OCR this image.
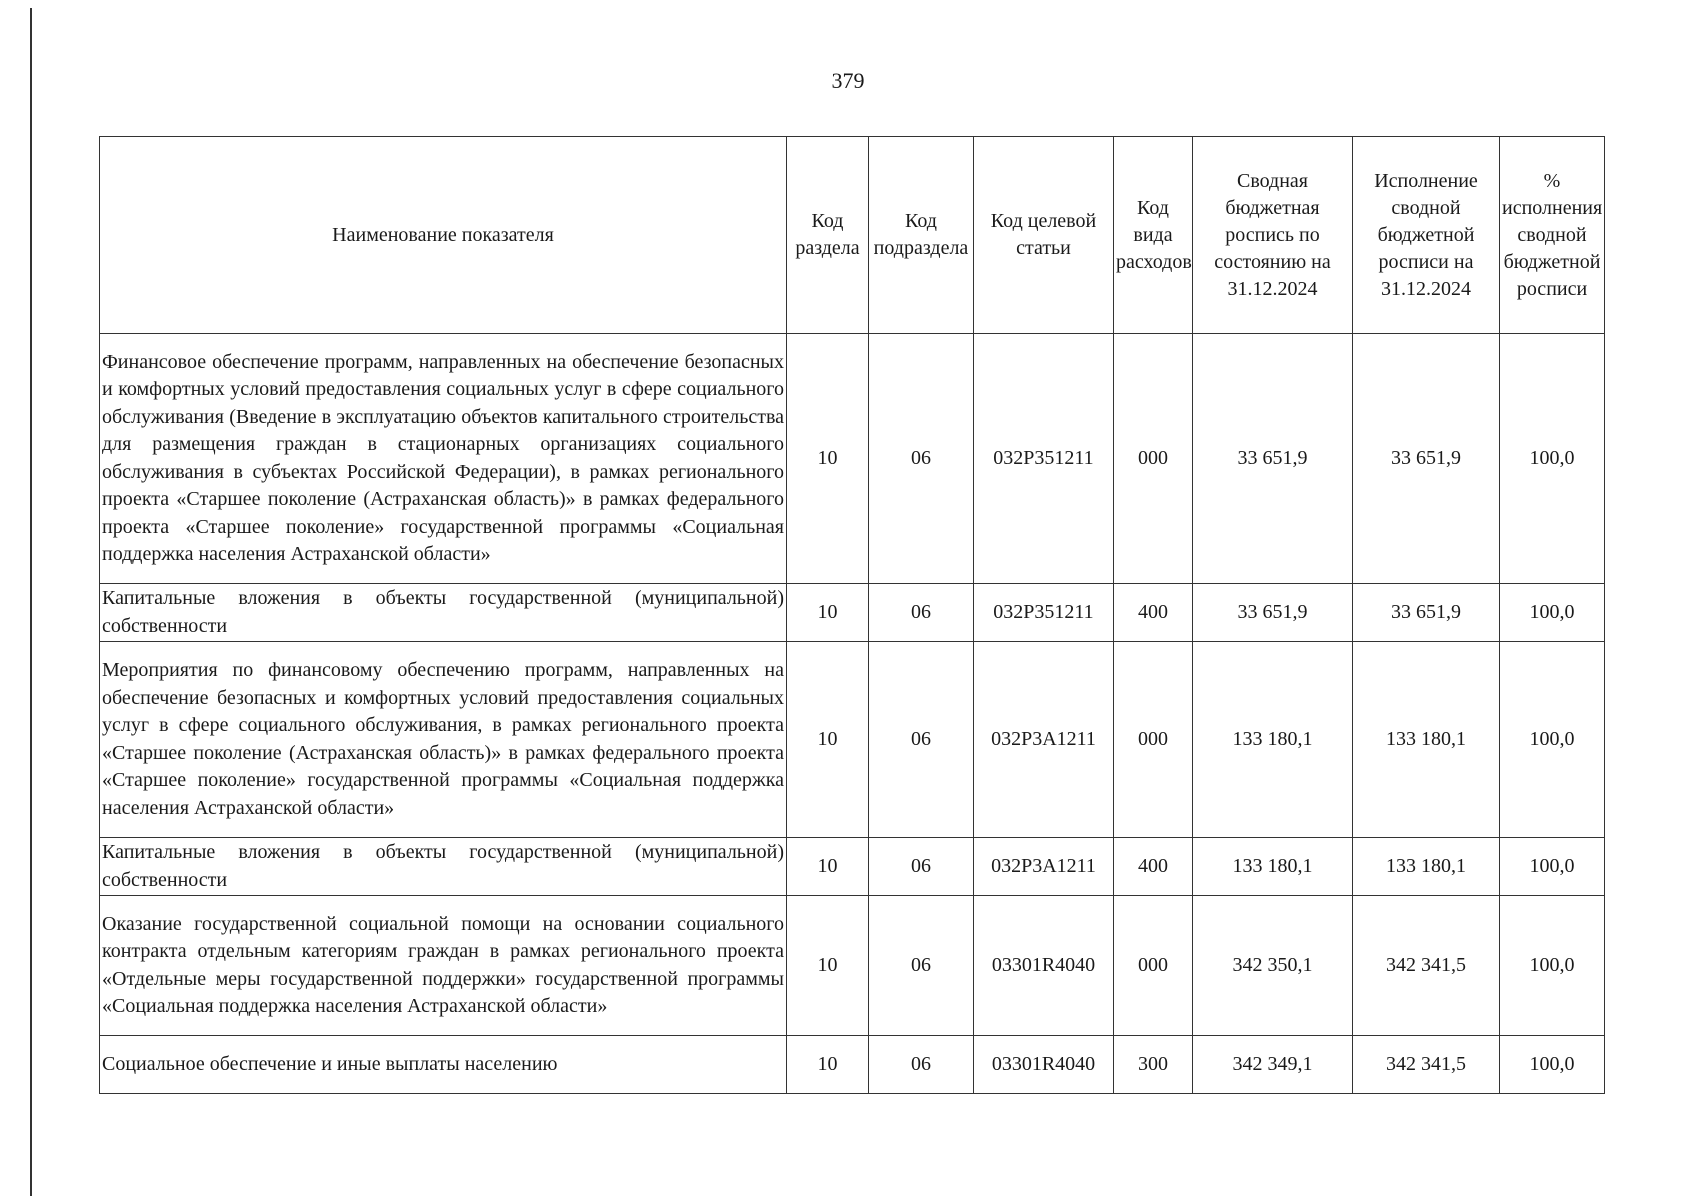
379
Наименование показателя	Код раздела	Код подраздела	Код целевой статьи	Код вида расходов	Сводная бюджетная роспись по состоянию на 31.12.2024	Исполнение сводной бюджетной росписи на 31.12.2024	% исполнения сводной бюджетной росписи
Финансовое обеспечение программ, направленных на обеспечение безопасных и комфортных условий предоставления социальных услуг в сфере социального обслуживания (Введение в эксплуатацию объектов капитального строительства для размещения граждан в стационарных организациях социального обслуживания в субъектах Российской Федерации), в рамках регионального проекта «Старшее поколение (Астраханская область)» в рамках федерального проекта «Старшее поколение» государственной программы «Социальная поддержка населения Астраханской области»	10	06	032P351211	000	33 651,9	33 651,9	100,0
Капитальные вложения в объекты государственной (муниципальной) собственности	10	06	032P351211	400	33 651,9	33 651,9	100,0
Мероприятия по финансовому обеспечению программ, направленных на обеспечение безопасных и комфортных условий предоставления социальных услуг в сфере социального обслуживания, в рамках регионального проекта «Старшее поколение (Астраханская область)» в рамках федерального проекта «Старшее поколение» государственной программы «Социальная поддержка населения Астраханской области»	10	06	032P3A1211	000	133 180,1	133 180,1	100,0
Капитальные вложения в объекты государственной (муниципальной) собственности	10	06	032P3A1211	400	133 180,1	133 180,1	100,0
Оказание государственной социальной помощи на основании социального контракта отдельным категориям граждан в рамках регионального проекта «Отдельные меры государственной поддержки» государственной программы «Социальная поддержка населения Астраханской области»	10	06	03301R4040	000	342 350,1	342 341,5	100,0
Социальное обеспечение и иные выплаты населению	10	06	03301R4040	300	342 349,1	342 341,5	100,0
